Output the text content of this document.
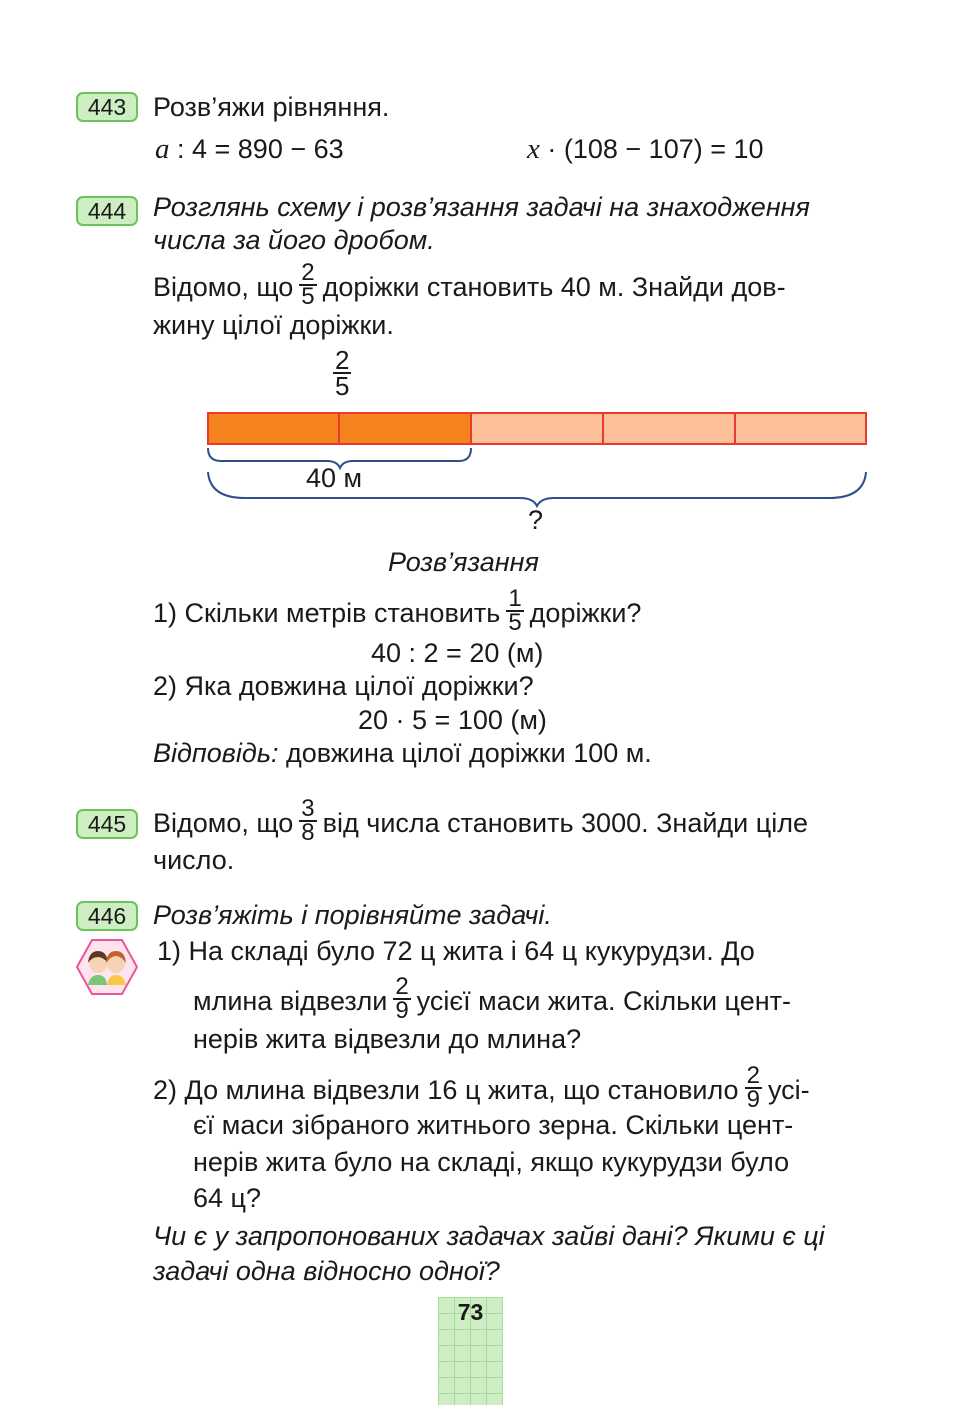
443 Розв’яжи рівняння.
a : 4 = 890 − 63	x · (108 − 107) = 10
444 Розглянь схему і розв’язання задачі на знаходження
числа за його дробом.
Відомо, що $\frac{2}{5}$ доріжки становить 40 м. Знайди дов-
жину цілої доріжки.
$\frac{2}{5}$
40 м
?
Розв’язання
1) Скільки метрів становить $\frac{1}{5}$ доріжки?
40 : 2 = 20 (м)
2) Яка довжина цілої доріжки?
20 · 5 = 100 (м)
Відповідь: довжина цілої доріжки 100 м.
445 Відомо, що $\frac{3}{8}$ від числа становить 3000. Знайди ціле
число.
446 Розв’яжіть і порівняйте задачі.
1) На складі було 72 ц жита і 64 ц кукурудзи. До
млина відвезли $\frac{2}{9}$ усієї маси жита. Скільки цент-
нерів жита відвезли до млина?
2) До млина відвезли 16 ц жита, що становило $\frac{2}{9} усі-$
єї маси зібраного житнього зерна. Скільки цент-
нерів жита було на складі, якщо кукурудзи було
64 ц?
Чи є у запропонованих задачах зайві дані? Якими є ці
задачі одна відносно одної?
73
